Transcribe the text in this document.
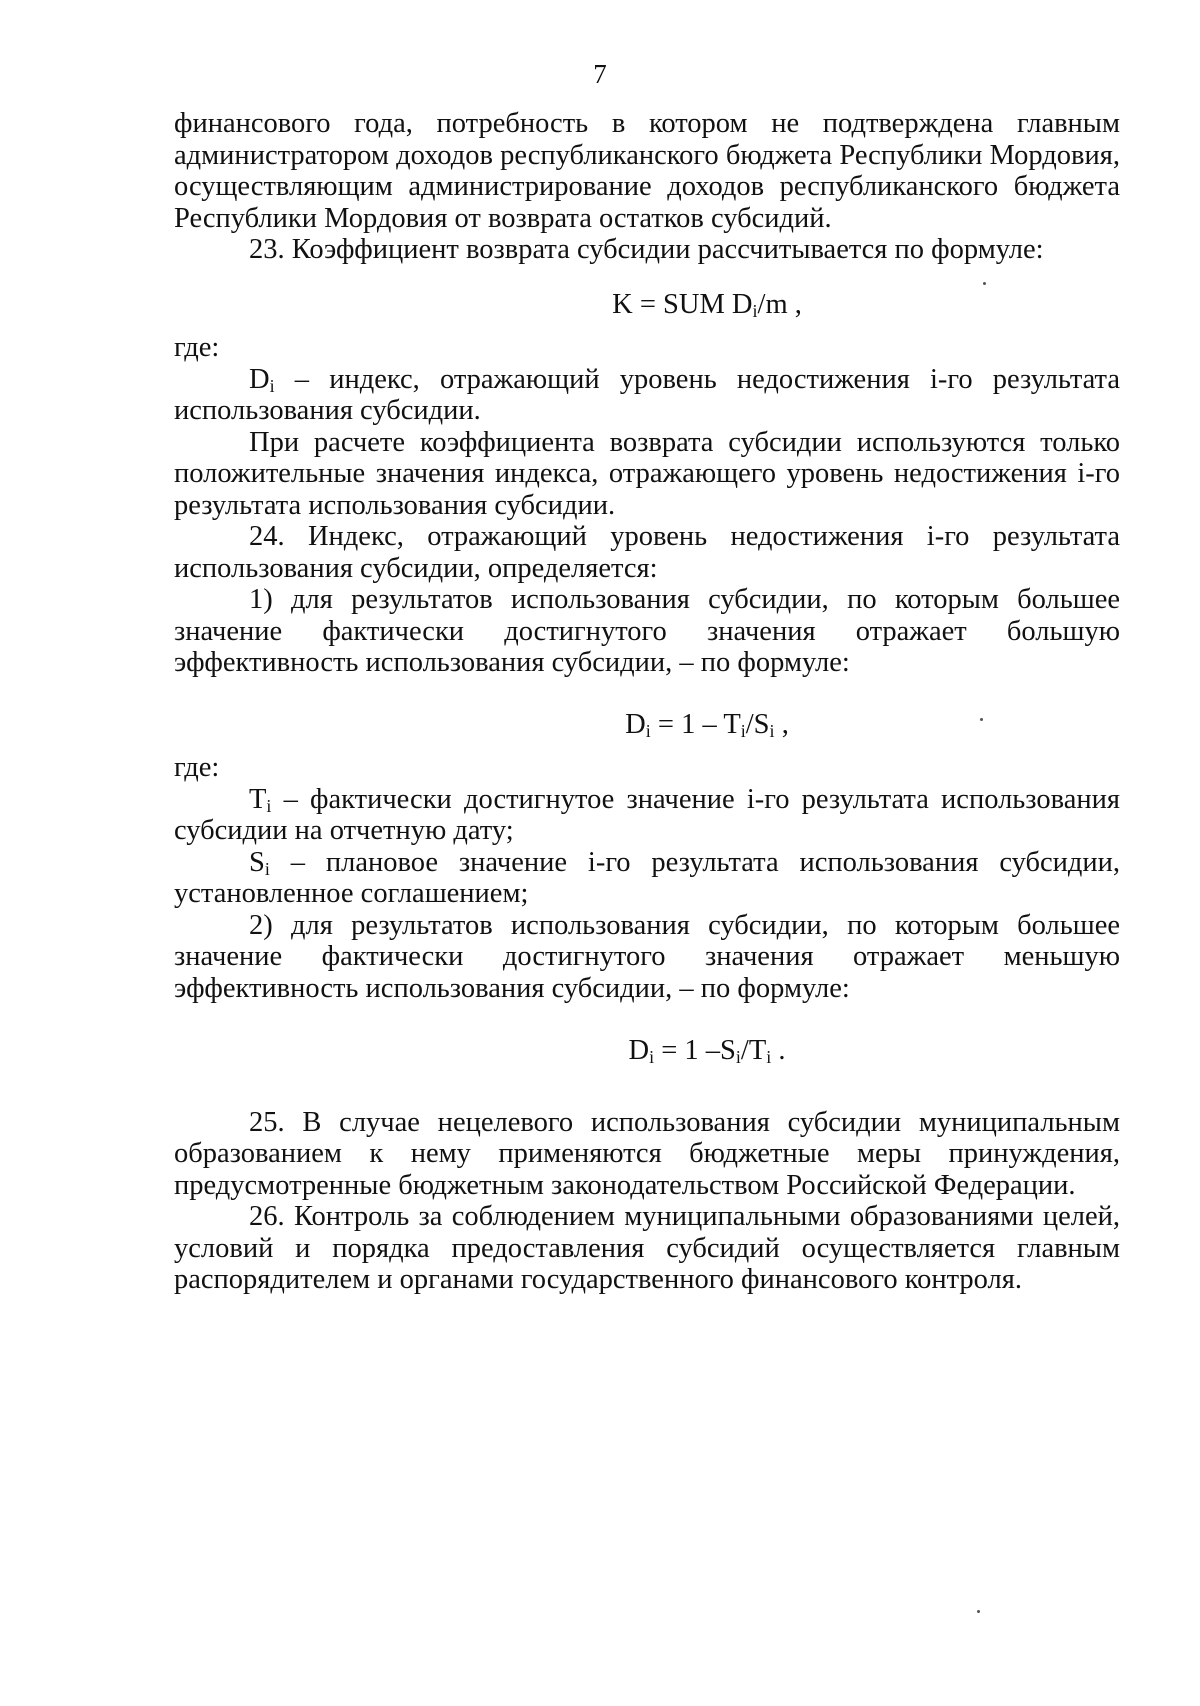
7

финансового года, потребность в котором не подтверждена главным администратором доходов республиканского бюджета Республики Мордовия, осуществляющим администрирование доходов республиканского бюджета Республики Мордовия от возврата остатков субсидий.

23. Коэффициент возврата субсидии рассчитывается по формуле:

K = SUM $D_i/m$ ,

где:

$D_i$ – индекс, отражающий уровень недостижения i-го результата использования субсидии.

При расчете коэффициента возврата субсидии используются только положительные значения индекса, отражающего уровень недостижения i-го результата использования субсидии.

24. Индекс, отражающий уровень недостижения i-го результата использования субсидии, определяется:

1) для результатов использования субсидии, по которым большее значение фактически достигнутого значения отражает большую эффективность использования субсидии, – по формуле:

$D_i = 1 - T_i/S_i$ ,

где:

$T_i$ – фактически достигнутое значение i-го результата использования субсидии на отчетную дату;

$S_i$ – плановое значение i-го результата использования субсидии, установленное соглашением;

2) для результатов использования субсидии, по которым большее значение фактически достигнутого значения отражает меньшую эффективность использования субсидии, – по формуле:

$D_i = 1$ $-S_i/T_i$ .

25. В случае нецелевого использования субсидии муниципальным образованием к нему применяются бюджетные меры принуждения, предусмотренные бюджетным законодательством Российской Федерации.

26. Контроль за соблюдением муниципальными образованиями целей, условий и порядка предоставления субсидий осуществляется главным распорядителем и органами государственного финансового контроля.
